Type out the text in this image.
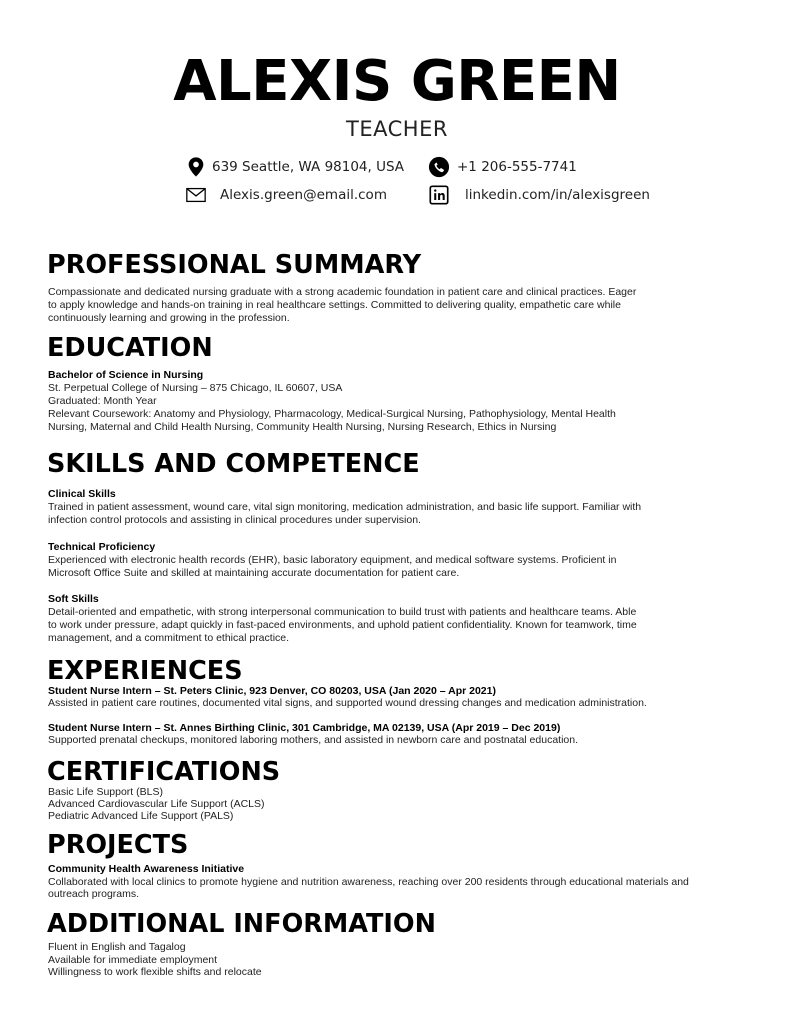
ALEXIS GREEN
TEACHER
639 Seattle, WA 98104, USA	+1 206-555-7741
Alexis.green@email.com	linkedin.com/in/alexisgreen
PROFESSIONAL SUMMARY
Compassionate and dedicated nursing graduate with a strong academic foundation in patient care and clinical practices. Eager
to apply knowledge and hands-on training in real healthcare settings. Committed to delivering quality, empathetic care while
continuously learning and growing in the profession.
EDUCATION
Bachelor of Science in Nursing
St. Perpetual College of Nursing – 875 Chicago, IL 60607, USA
Graduated: Month Year
Relevant Coursework: Anatomy and Physiology, Pharmacology, Medical-Surgical Nursing, Pathophysiology, Mental Health
Nursing, Maternal and Child Health Nursing, Community Health Nursing, Nursing Research, Ethics in Nursing
SKILLS AND COMPETENCE
Clinical Skills
Trained in patient assessment, wound care, vital sign monitoring, medication administration, and basic life support. Familiar with
infection control protocols and assisting in clinical procedures under supervision.
Technical Proficiency
Experienced with electronic health records (EHR), basic laboratory equipment, and medical software systems. Proficient in
Microsoft Office Suite and skilled at maintaining accurate documentation for patient care.
Soft Skills
Detail-oriented and empathetic, with strong interpersonal communication to build trust with patients and healthcare teams. Able
to work under pressure, adapt quickly in fast-paced environments, and uphold patient confidentiality. Known for teamwork, time
management, and a commitment to ethical practice.
EXPERIENCES
Student Nurse Intern – St. Peters Clinic, 923 Denver, CO 80203, USA (Jan 2020 – Apr 2021)
Assisted in patient care routines, documented vital signs, and supported wound dressing changes and medication administration.
Student Nurse Intern – St. Annes Birthing Clinic, 301 Cambridge, MA 02139, USA (Apr 2019 – Dec 2019)
Supported prenatal checkups, monitored laboring mothers, and assisted in newborn care and postnatal education.
CERTIFICATIONS
Basic Life Support (BLS)
Advanced Cardiovascular Life Support (ACLS)
Pediatric Advanced Life Support (PALS)
PROJECTS
Community Health Awareness Initiative
Collaborated with local clinics to promote hygiene and nutrition awareness, reaching over 200 residents through educational materials and
outreach programs.
ADDITIONAL INFORMATION
Fluent in English and Tagalog
Available for immediate employment
Willingness to work flexible shifts and relocate
